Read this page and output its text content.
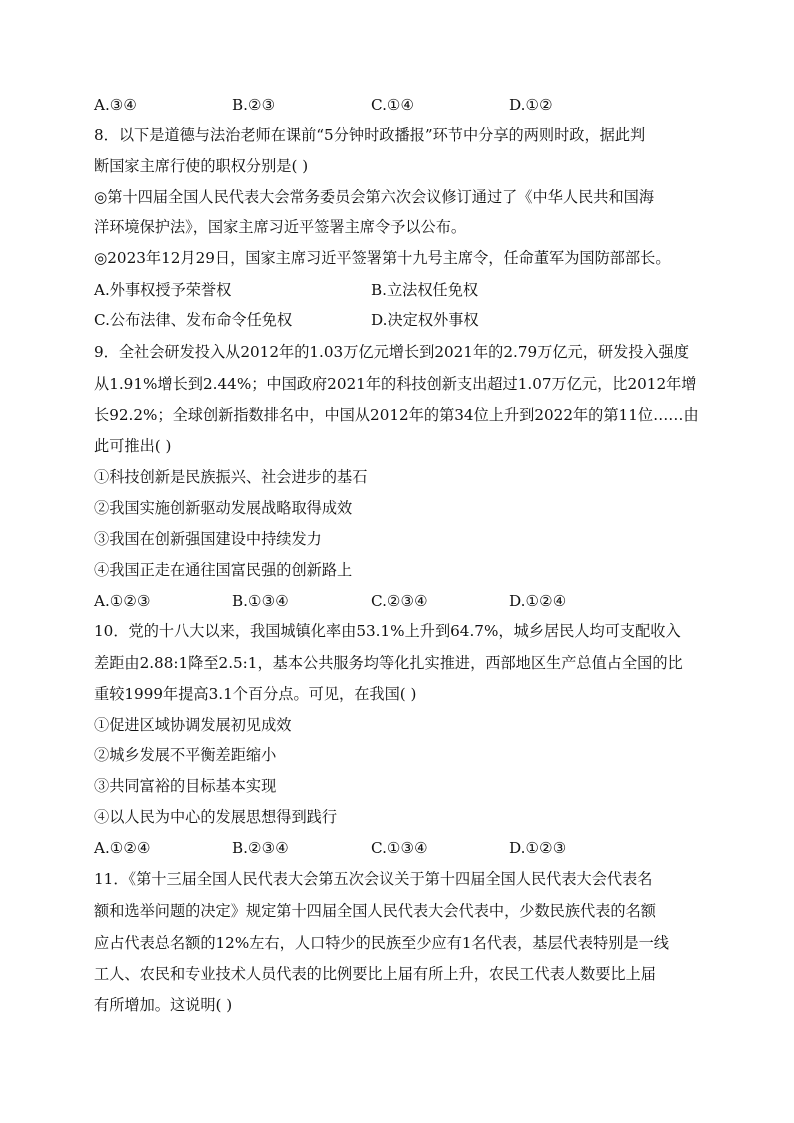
A.③④	B.②③	C.①④	D.①②
8．以下是道德与法治老师在课前“5分钟时政播报”环节中分享的两则时政，据此判
断国家主席行使的职权分别是( )
◎第十四届全国人民代表大会常务委员会第六次会议修订通过了《中华人民共和国海
洋环境保护法》，国家主席习近平签署主席令予以公布。
◎2023年12月29日，国家主席习近平签署第十九号主席令，任命董军为国防部部长。
A.外事权授予荣誉权	B.立法权任免权
C.公布法律、发布命令任免权	D.决定权外事权
9．全社会研发投入从2012年的1.03万亿元增长到2021年的2.79万亿元，研发投入强度
从1.91%增长到2.44%；中国政府2021年的科技创新支出超过1.07万亿元，比2012年增
长92.2%；全球创新指数排名中，中国从2012年的第34位上升到2022年的第11位……由
此可推出( )
①科技创新是民族振兴、社会进步的基石
②我国实施创新驱动发展战略取得成效
③我国在创新强国建设中持续发力
④我国正走在通往国富民强的创新路上
A.①②③	B.①③④	C.②③④	D.①②④
10．党的十八大以来，我国城镇化率由53.1%上升到64.7%，城乡居民人均可支配收入
差距由2.88:1降至2.5:1，基本公共服务均等化扎实推进，西部地区生产总值占全国的比
重较1999年提高3.1个百分点。可见，在我国( )
①促进区域协调发展初见成效
②城乡发展不平衡差距缩小
③共同富裕的目标基本实现
④以人民为中心的发展思想得到践行
A.①②④	B.②③④	C.①③④	D.①②③
11．《第十三届全国人民代表大会第五次会议关于第十四届全国人民代表大会代表名
额和选举问题的决定》规定第十四届全国人民代表大会代表中，少数民族代表的名额
应占代表总名额的12%左右，人口特少的民族至少应有1名代表，基层代表特别是一线
工人、农民和专业技术人员代表的比例要比上届有所上升，农民工代表人数要比上届
有所增加。这说明( )
